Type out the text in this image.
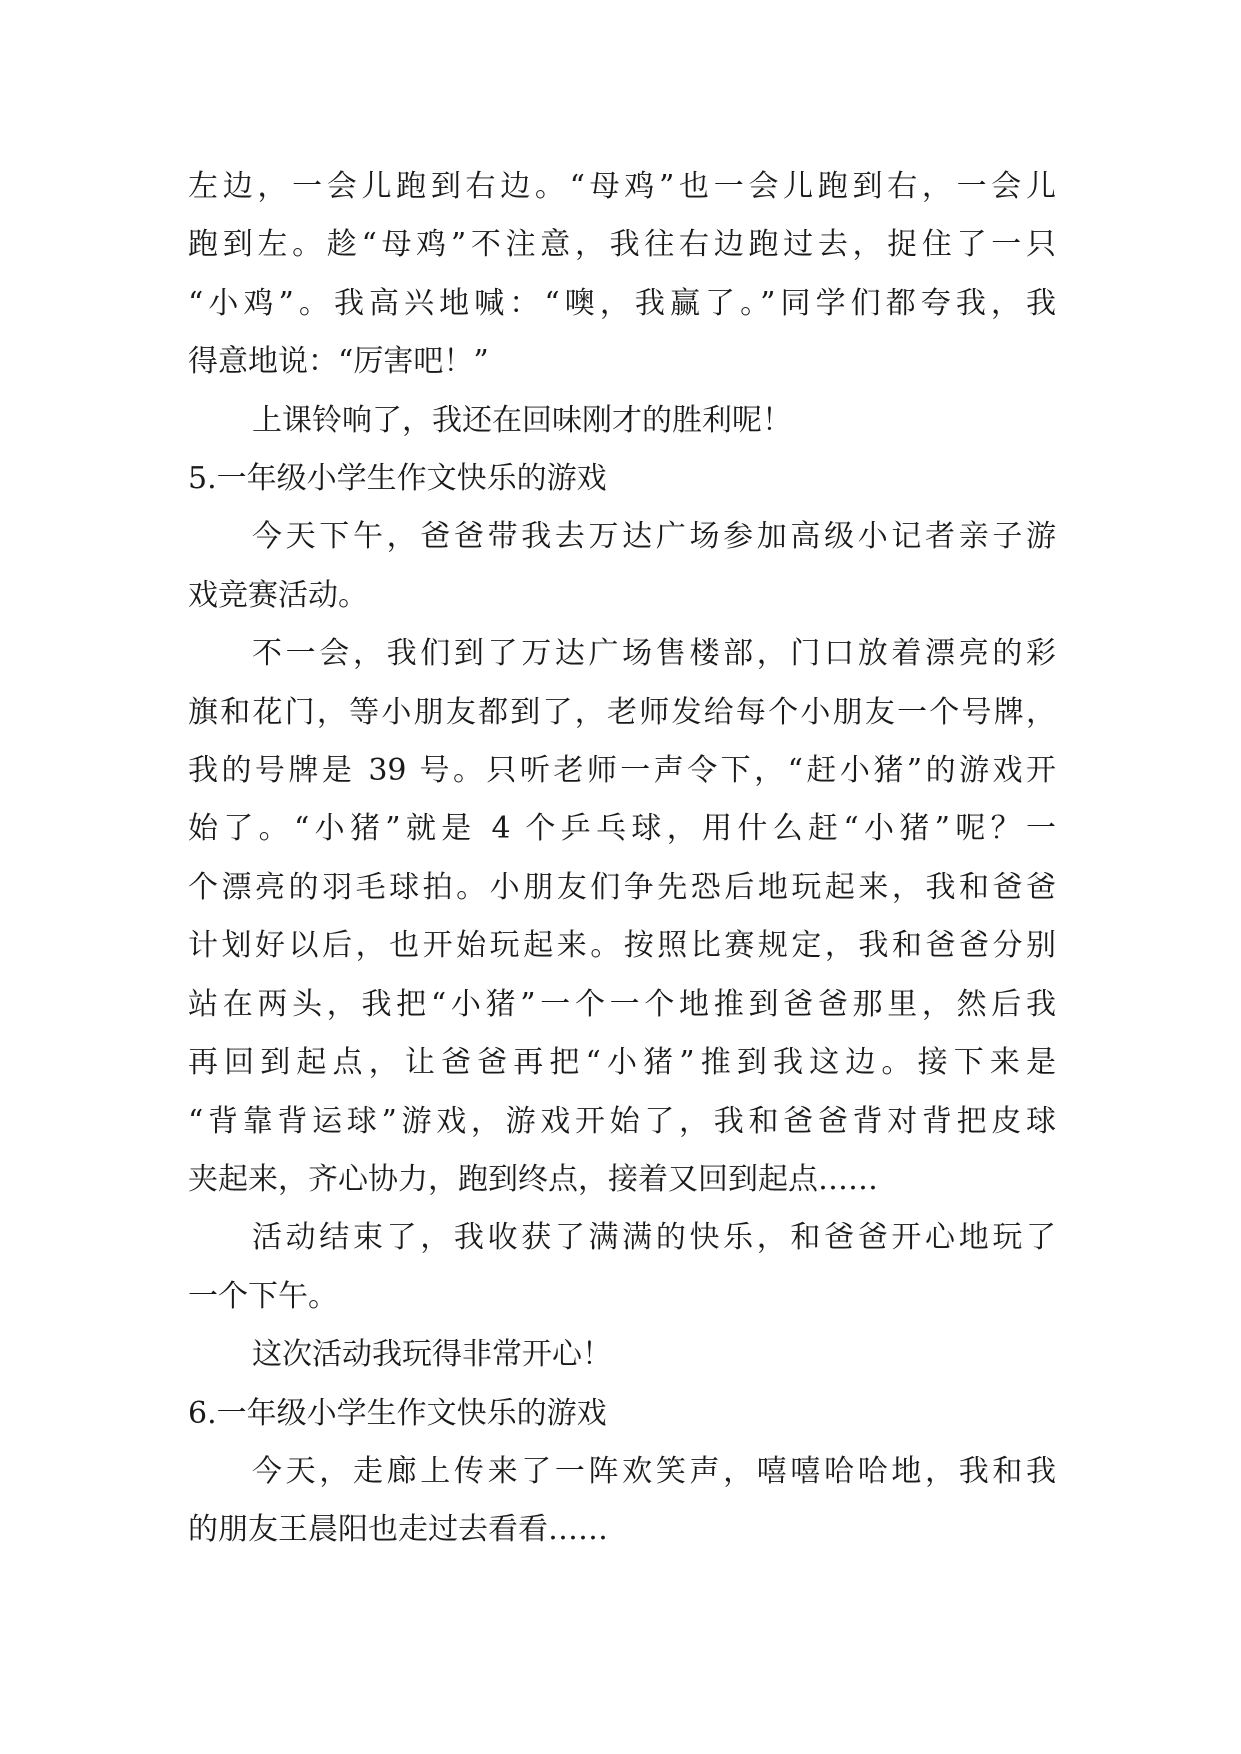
左边，一会儿跑到右边。“母鸡”也一会儿跑到右，一会儿
跑到左。趁“母鸡”不注意，我往右边跑过去，捉住了一只
“小鸡”。我高兴地喊：“噢，我赢了。”同学们都夸我，我
得意地说：“厉害吧！”
上课铃响了，我还在回味刚才的胜利呢！
5.一年级小学生作文快乐的游戏
今天下午，爸爸带我去万达广场参加高级小记者亲子游
戏竞赛活动。
不一会，我们到了万达广场售楼部，门口放着漂亮的彩
旗和花门，等小朋友都到了，老师发给每个小朋友一个号牌，
我的号牌是 39 号。只听老师一声令下，“赶小猪”的游戏开
始了。“小猪”就是 4 个乒乓球，用什么赶“小猪”呢？一
个漂亮的羽毛球拍。小朋友们争先恐后地玩起来，我和爸爸
计划好以后，也开始玩起来。按照比赛规定，我和爸爸分别
站在两头，我把“小猪”一个一个地推到爸爸那里，然后我
再回到起点，让爸爸再把“小猪”推到我这边。接下来是
“背靠背运球”游戏，游戏开始了，我和爸爸背对背把皮球
夹起来，齐心协力，跑到终点，接着又回到起点……
活动结束了，我收获了满满的快乐，和爸爸开心地玩了
一个下午。
这次活动我玩得非常开心！
6.一年级小学生作文快乐的游戏
今天，走廊上传来了一阵欢笑声，嘻嘻哈哈地，我和我
的朋友王晨阳也走过去看看……
